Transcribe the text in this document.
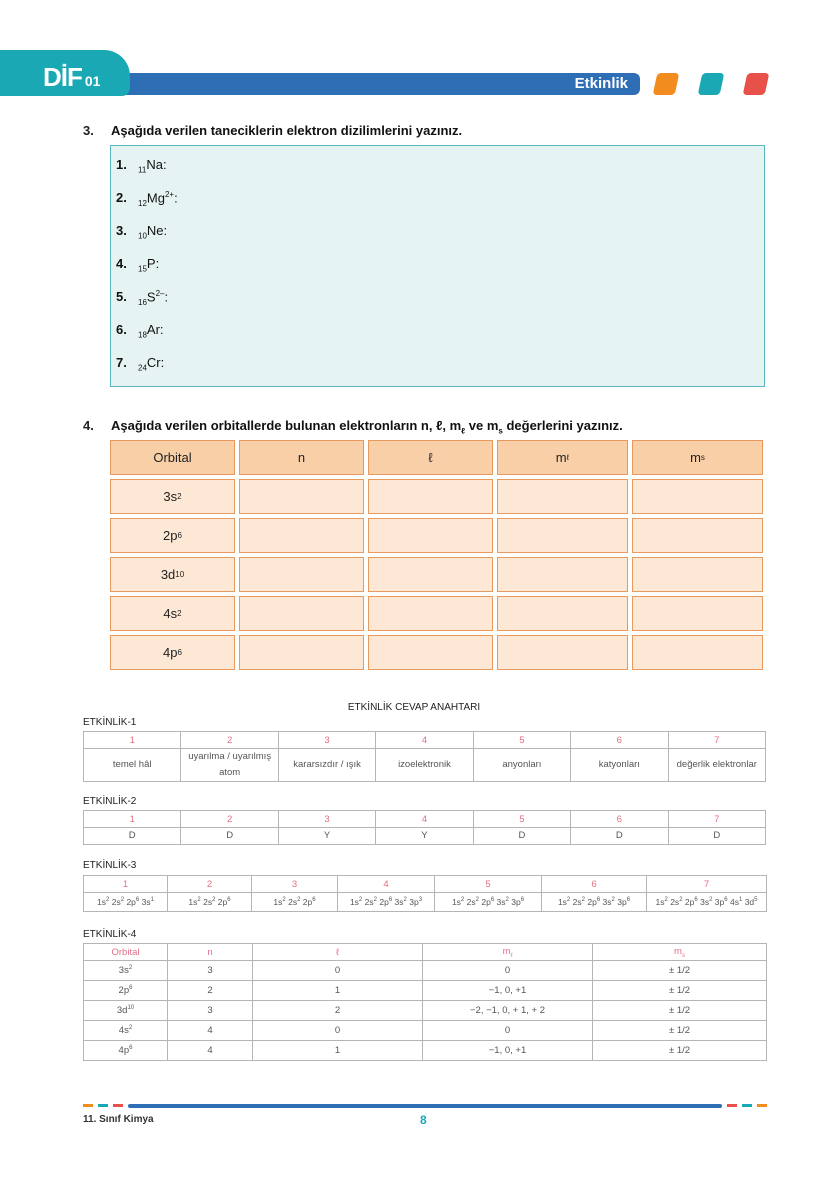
DİF 01	Etkinlik
3. Aşağıda verilen taneciklerin elektron dizilimlerini yazınız.
1. $_{11}$Na:
2. $_{12}Mg^{2+}$:
3. $_{10}$Ne:
4. $_{15}$P:
5. $_{16}S^{2-}$:
6. $_{18}$Ar:
7. $_{24}$Cr:
4. Aşağıda verilen orbitallerde bulunan elektronların n, ℓ, $m_\ell$ ve $m_s$ değerlerini yazınız.
Orbital	n	ℓ	m ℓ	m s
3s 2
2p 6
3d 10
4s 2
4p 6
ETKİNLİK CEVAP ANAHTARI
ETKİNLİK-1
1	2	3	4	5	6	7
temel hâl	uyarılma / uyarılmış atom	kararsızdır / ışık	izoelektronik	anyonları	katyonları	değerlik elektronlar
ETKİNLİK-2
1	2	3	4	5	6	7
D	D	Y	Y	D	D	D
ETKİNLİK-3
1	2	3	4	5	6	7
$1s^2$ $2s^2$ $2p^6$ $3s^1$	$1s^2$ $2s^2$ $2p^6$	$1s^2$ $2s^2$ $2p^6$	$1s^2$ $2s^2$ $2p^6$ $3s^2$ $3p^3$	$1s^2$ $2s^2$ $2p^6$ $3s^2$ $3p^6$	$1s^2$ $2s^2$ $2p^6$ $3s^2$ $3p^6$	$1s^2$ $2s^2$ $2p^6$ $3s^2$ $3p^6$ $4s^1$ $3d^5$
ETKİNLİK-4
Orbital	n	ℓ	$m_\ell$	$m_s$
$3s^2$	3	0	0	± 1/2
$2p^6$	2	1	−1, 0, +1	± 1/2
$3d^{10}$	3	2	−2, −1, 0, + 1, + 2	± 1/2
$4s^2$	4	0	0	± 1/2
$4p^6$	4	1	−1, 0, +1	± 1/2
11. Sınıf Kimya	8
